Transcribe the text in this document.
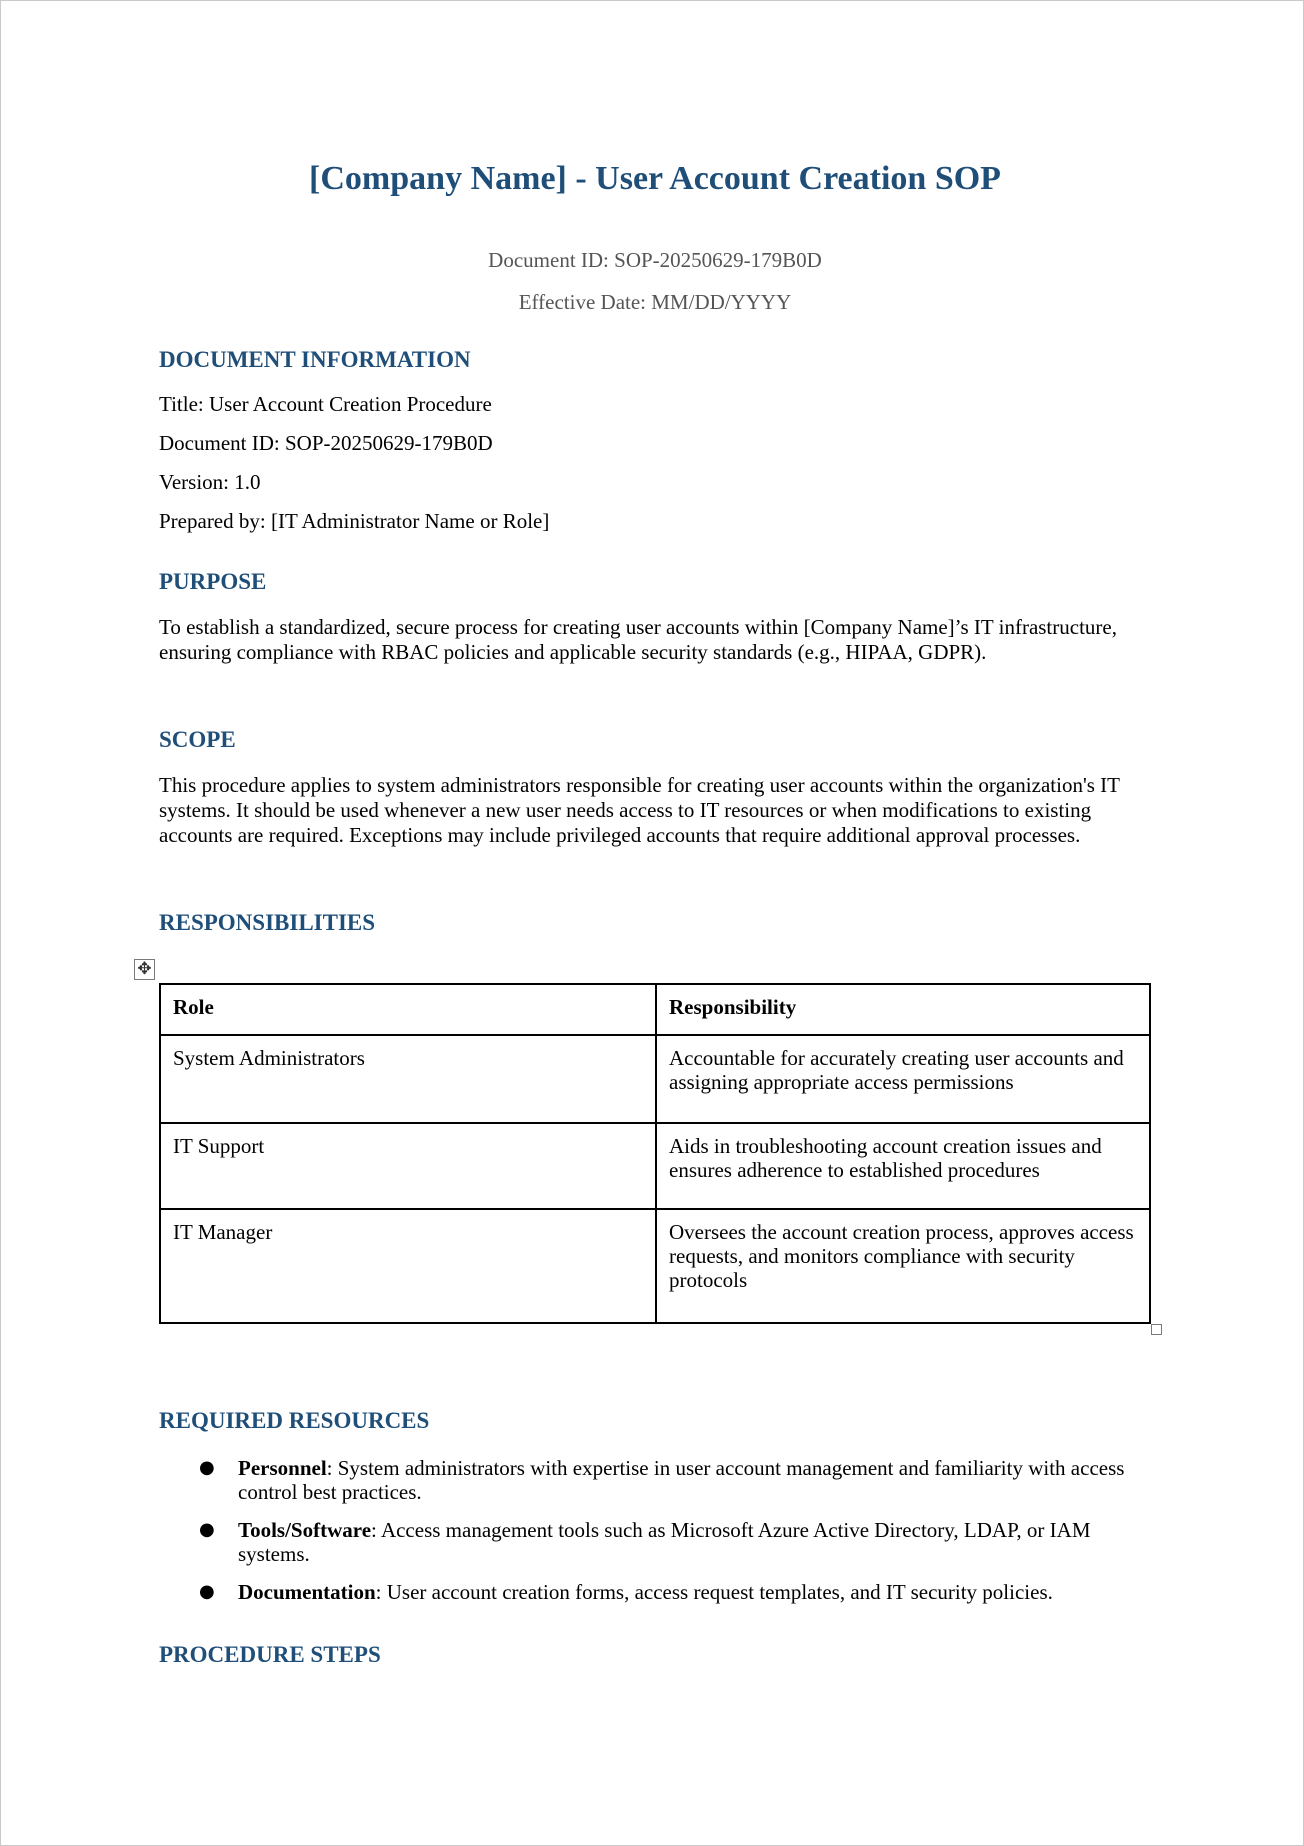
[Company Name] - User Account Creation SOP

Document ID: SOP-20250629-179B0D

Effective Date: MM/DD/YYYY

DOCUMENT INFORMATION

Title: User Account Creation Procedure

Document ID: SOP-20250629-179B0D

Version: 1.0

Prepared by: [IT Administrator Name or Role]

PURPOSE

To establish a standardized, secure process for creating user accounts within [Company Name]’s IT infrastructure, ensuring compliance with RBAC policies and applicable security standards (e.g., HIPAA, GDPR).

SCOPE

This procedure applies to system administrators responsible for creating user accounts within the organization's IT systems. It should be used whenever a new user needs access to IT resources or when modifications to existing accounts are required. Exceptions may include privileged accounts that require additional approval processes.

RESPONSIBILITIES
✥
Role	Responsibility
System Administrators	Accountable for accurately creating user accounts and assigning appropriate access permissions
IT Support	Aids in troubleshooting account creation issues and ensures adherence to established procedures
IT Manager	Oversees the account creation process, approves access requests, and monitors compliance with security protocols
REQUIRED RESOURCES
● Personnel: System administrators with expertise in user account management and familiarity with access control best practices.
● Tools/Software: Access management tools such as Microsoft Azure Active Directory, LDAP, or IAM systems.
● Documentation: User account creation forms, access request templates, and IT security policies.
PROCEDURE STEPS
